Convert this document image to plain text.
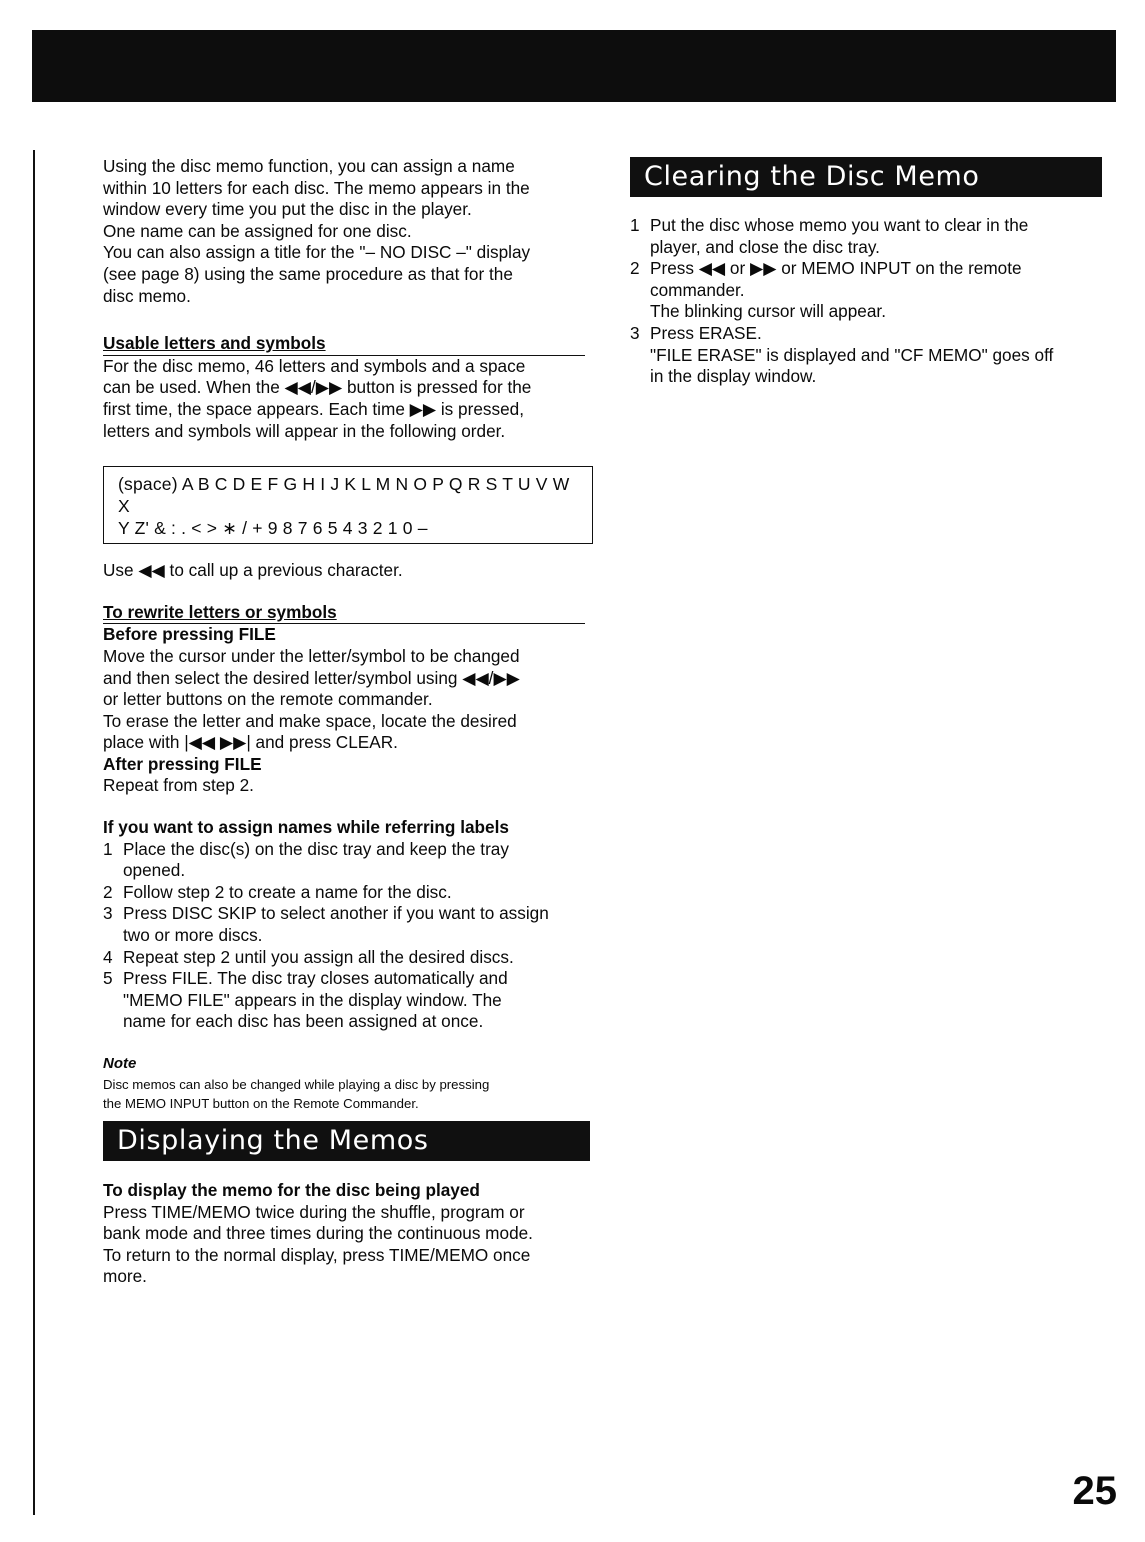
Using the disc memo function, you can assign a name

within 10 letters for each disc. The memo appears in the

window every time you put the disc in the player.

One name can be assigned for one disc.

You can also assign a title for the "– NO DISC –" display

(see page 8) using the same procedure as that for the

disc memo.

Usable letters and symbols

For the disc memo, 46 letters and symbols and a space

can be used. When the ◀◀/▶▶ button is pressed for the

first time, the space appears. Each time ▶▶ is pressed,

letters and symbols will appear in the following order.

(space) A B C D E F G H I J K L M N O P Q R S T U V W X

Y Z' & : . < > ∗ / + 9 8 7 6 5 4 3 2 1 0 –

Use ◀◀ to call up a previous character.

To rewrite letters or symbols

Before pressing FILE

Move the cursor under the letter/symbol to be changed

and then select the desired letter/symbol using ◀◀/▶▶

or letter buttons on the remote commander.

To erase the letter and make space, locate the desired

place with |◀◀ ▶▶| and press CLEAR.

After pressing FILE

Repeat from step 2.

If you want to assign names while referring labels

1 Place the disc(s) on the disc tray and keep the tray
opened.
2 Follow step 2 to create a name for the disc.
3 Press DISC SKIP to select another if you want to assign
two or more discs.
4 Repeat step 2 until you assign all the desired discs.
5 Press FILE. The disc tray closes automatically and
"MEMO FILE" appears in the display window. The
name for each disc has been assigned at once.

Note

Disc memos can also be changed while playing a disc by pressing

the MEMO INPUT button on the Remote Commander.

Clearing the Disc Memo

To display the memo for the disc being played

Press TIME/MEMO twice during the shuffle, program or

bank mode and three times during the continuous mode.

To return to the normal display, press TIME/MEMO once

more.

Displaying the Memos
1 Put the disc whose memo you want to clear in the
player, and close the disc tray.
2 Press ◀◀ or ▶▶ or MEMO INPUT on the remote
commander.
The blinking cursor will appear.
3 Press ERASE.
"FILE ERASE" is displayed and "CF MEMO" goes off
in the display window.
25
